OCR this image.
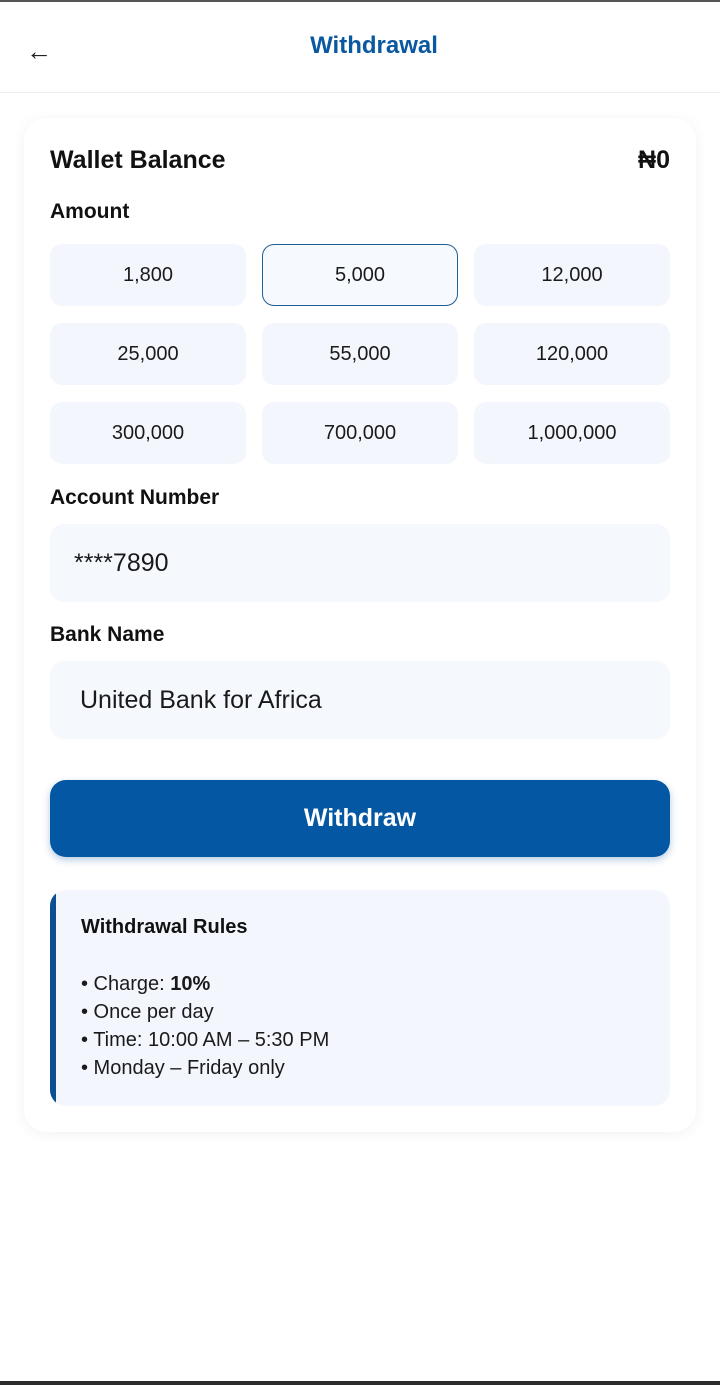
←	Withdrawal
Wallet Balance	₦0
Amount
1,800	5,000	12,000
25,000	55,000	120,000
300,000	700,000	1,000,000
Account Number
****7890
Bank Name
United Bank for Africa
Withdraw
Withdrawal Rules
• Charge: 10%
• Once per day
• Time: 10:00 AM – 5:30 PM
• Monday – Friday only
